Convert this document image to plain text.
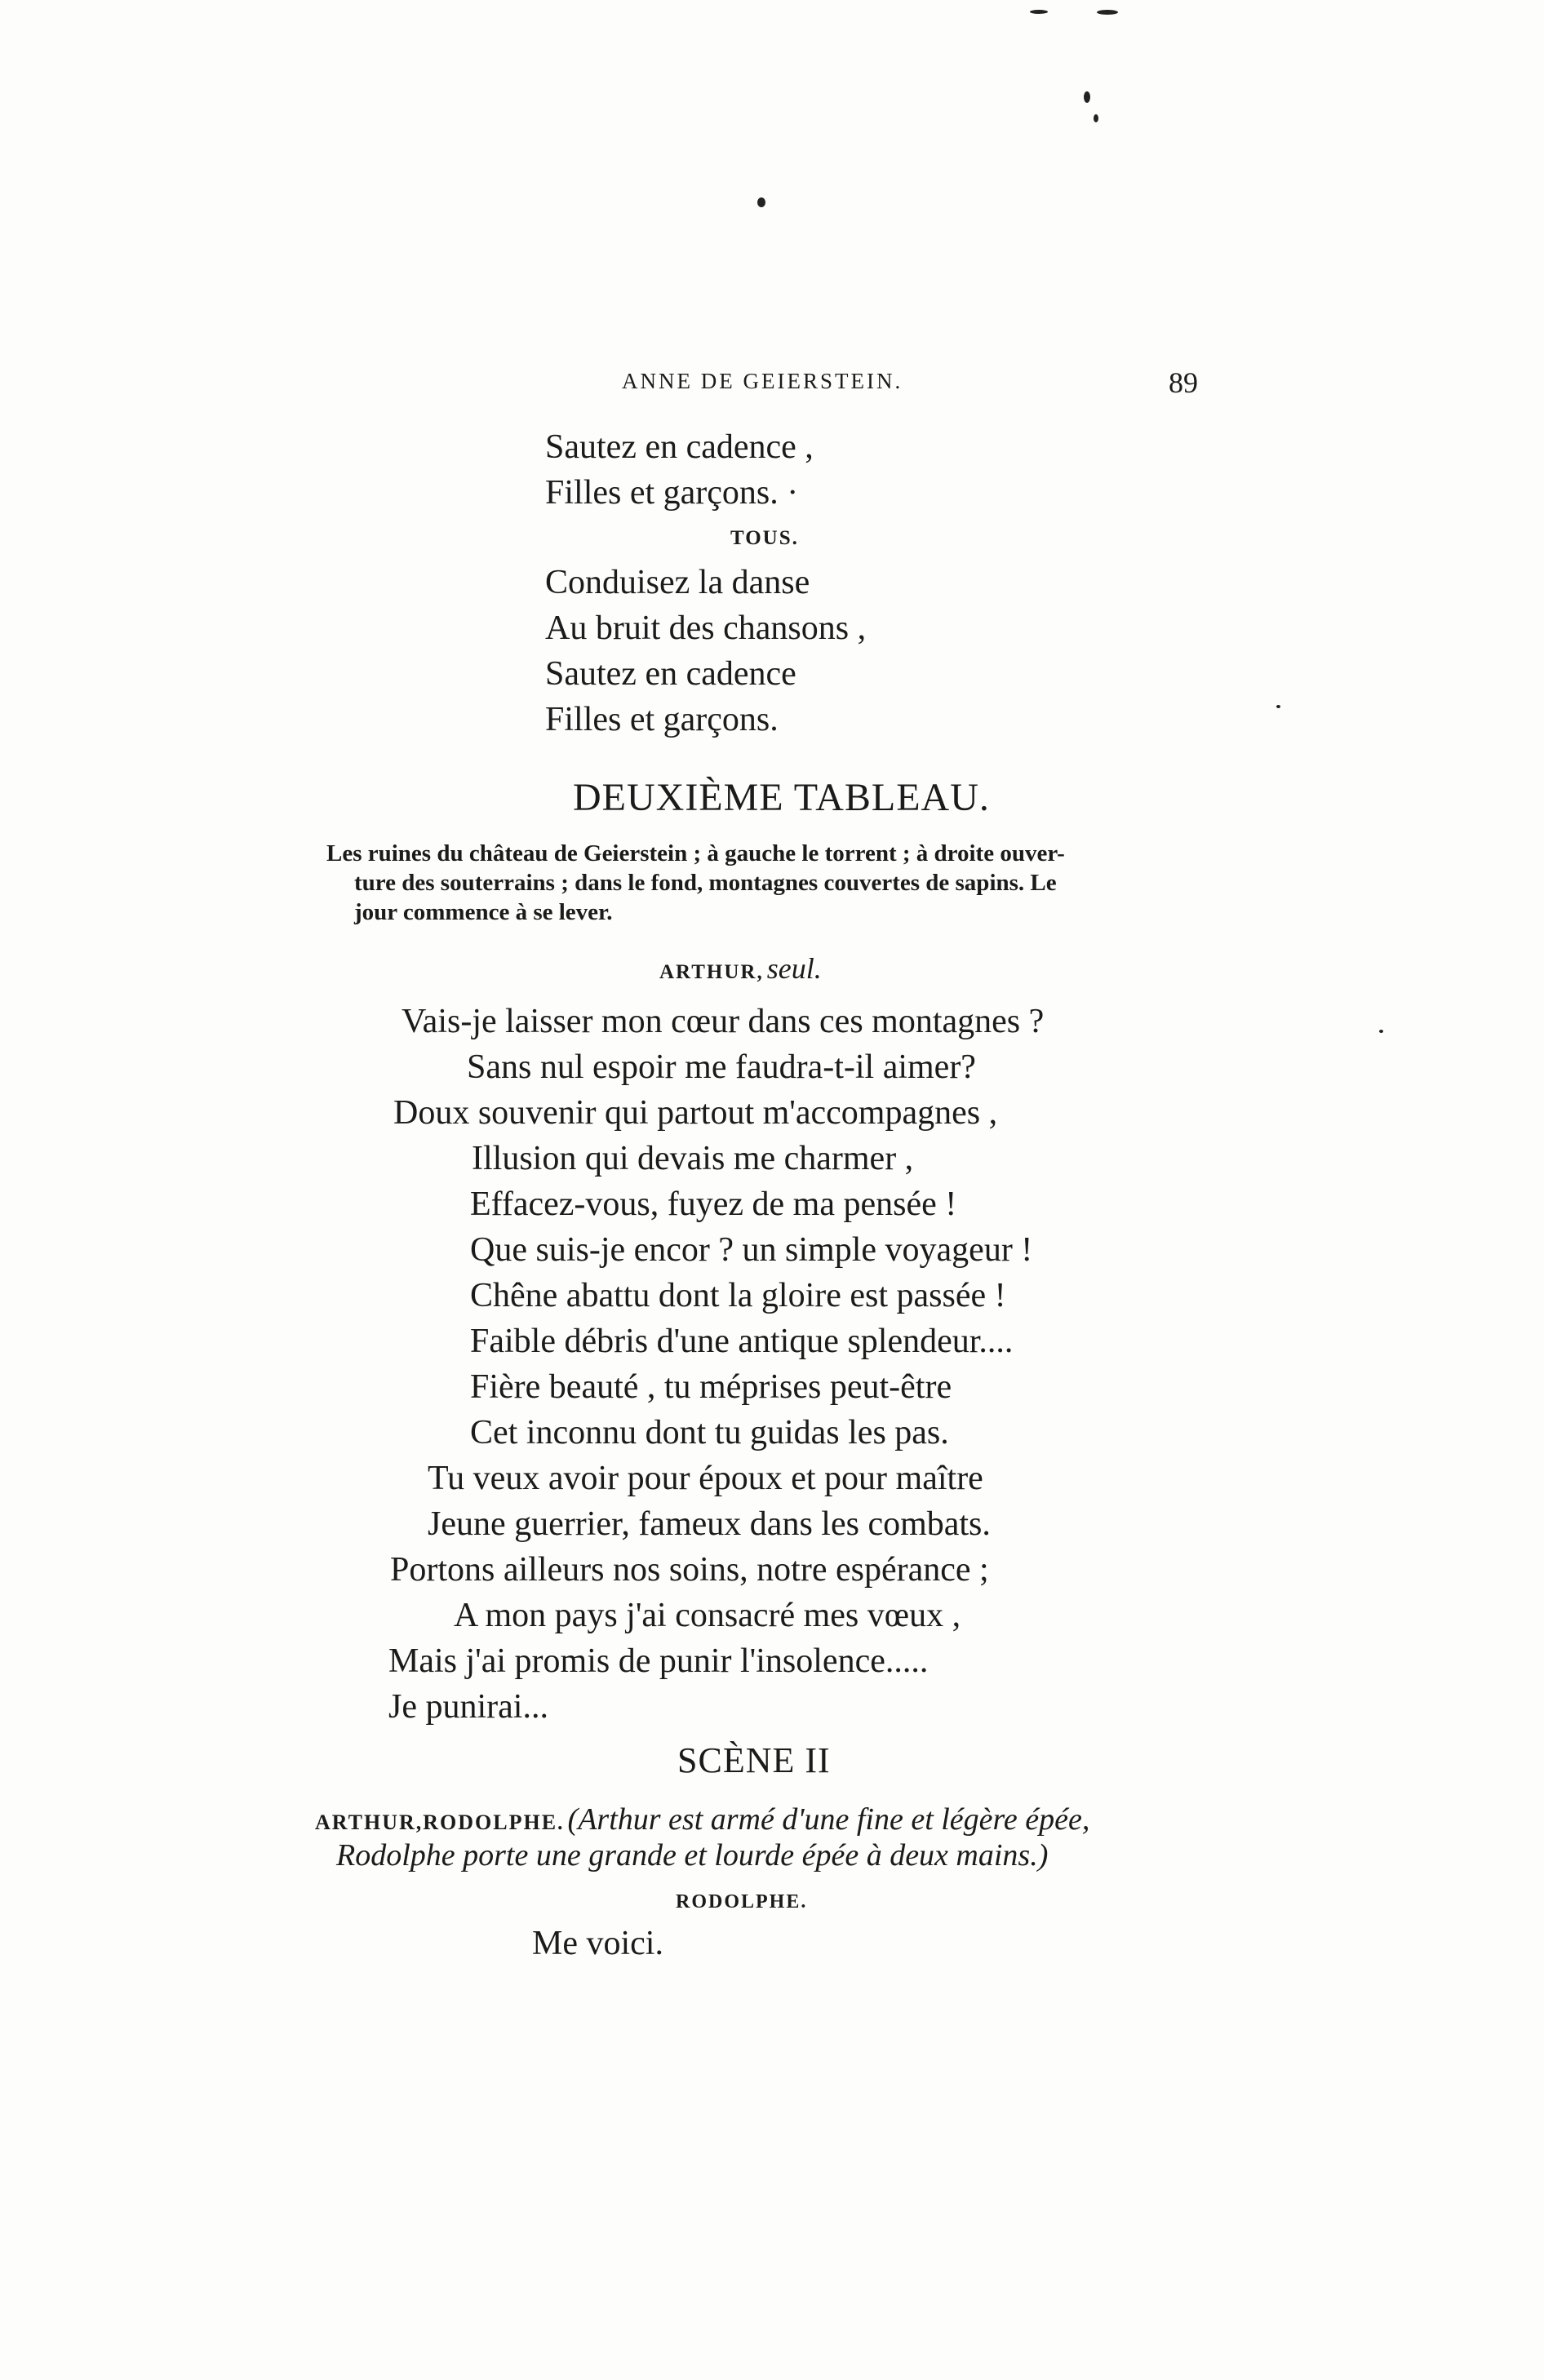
ANNE DE GEIERSTEIN.	89
Sautez en cadence ,
Filles et garçons. ·
TOUS.
Conduisez la danse
Au bruit des chansons ,
Sautez en cadence
Filles et garçons.
DEUXIÈME TABLEAU.
Les ruines du château de Geierstein ; à gauche le torrent ; à droite ouver-
ture des souterrains ; dans le fond, montagnes couvertes de sapins. Le
jour commence à se lever.
ARTHUR, seul.
Vais-je laisser mon cœur dans ces montagnes ?
Sans nul espoir me faudra-t-il aimer?
Doux souvenir qui partout m'accompagnes ,
Illusion qui devais me charmer ,
Effacez-vous, fuyez de ma pensée !
Que suis-je encor ? un simple voyageur !
Chêne abattu dont la gloire est passée !
Faible débris d'une antique splendeur....
Fière beauté , tu méprises peut-être
Cet inconnu dont tu guidas les pas.
Tu veux avoir pour époux et pour maître
Jeune guerrier, fameux dans les combats.
Portons ailleurs nos soins, notre espérance ;
A mon pays j'ai consacré mes vœux ,
Mais j'ai promis de punir l'insolence.....
Je punirai...
SCÈNE II
ARTHUR,RODOLPHE. (Arthur est armé d'une fine et légère épée,
Rodolphe porte une grande et lourde épée à deux mains.)
RODOLPHE.
Me voici.
